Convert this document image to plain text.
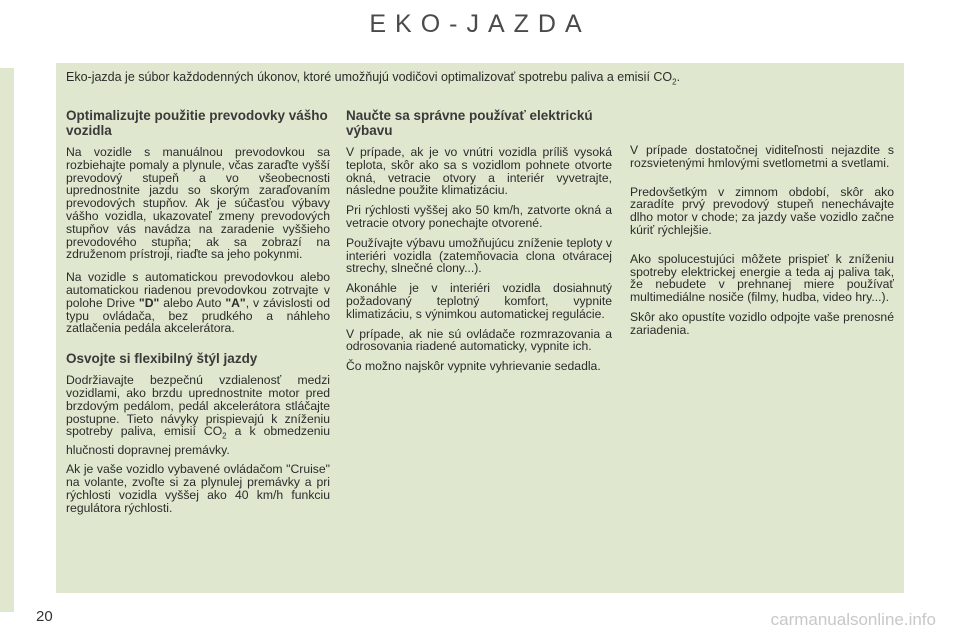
EKO-JAZDA
Eko-jazda je súbor každodenných úkonov, ktoré umožňujú vodičovi optimalizovať spotrebu paliva a emisií $CO_2$.
Optimalizujte použitie prevodovky vášho vozidla

Na vozidle s manuálnou prevodovkou sa rozbiehajte pomaly a plynule, včas zaraďte vyšší prevodový stupeň a vo všeobecnosti uprednostnite jazdu so skorým zaraďovaním prevodových stupňov. Ak je súčasťou výbavy vášho vozidla, ukazovateľ zmeny prevodových stupňov vás navádza na zaradenie vyššieho prevodového stupňa; ak sa zobrazí na združenom prístroji, riaďte sa jeho pokynmi.

Na vozidle s automatickou prevodovkou alebo automatickou riadenou prevodovkou zotrvajte v polohe Drive "D" alebo Auto "A", v závislosti od typu ovládača, bez prudkého a náhleho zatlačenia pedála akcelerátora.

Osvojte si flexibilný štýl jazdy

Dodržiavajte bezpečnú vzdialenosť medzi vozidlami, ako brzdu uprednostnite motor pred brzdovým pedálom, pedál akcelerátora stláčajte postupne. Tieto návyky prispievajú k zníženiu spotreby paliva, emisií $CO_2$ a k obmedzeniu hlučnosti dopravnej premávky.

Ak je vaše vozidlo vybavené ovládačom "Cruise" na volante, zvoľte si za plynulej premávky a pri rýchlosti vozidla vyššej ako 40 km/h funkciu regulátora rýchlosti.

Naučte sa správne používať elektrickú výbavu

V prípade, ak je vo vnútri vozidla príliš vysoká teplota, skôr ako sa s vozidlom pohnete otvorte okná, vetracie otvory a interiér vyvetrajte, následne použite klimatizáciu.

Pri rýchlosti vyššej ako 50 km/h, zatvorte okná a vetracie otvory ponechajte otvorené.

Používajte výbavu umožňujúcu zníženie teploty v interiéri vozidla (zatemňovacia clona otváracej strechy, slnečné clony...).

Akonáhle je v interiéri vozidla dosiahnutý požadovaný teplotný komfort, vypnite klimatizáciu, s výnimkou automatickej regulácie.

V prípade, ak nie sú ovládače rozmrazovania a odrosovania riadené automaticky, vypnite ich.

Čo možno najskôr vypnite vyhrievanie sedadla.

V prípade dostatočnej viditeľnosti nejazdite s rozsvietenými hmlovými svetlometmi a svetlami.

Predovšetkým v zimnom období, skôr ako zaradíte prvý prevodový stupeň nenechávajte dlho motor v chode; za jazdy vaše vozidlo začne kúriť rýchlejšie.

Ako spolucestujúci môžete prispieť k zníženiu spotreby elektrickej energie a teda aj paliva tak, že nebudete v prehnanej miere používať multimediálne nosiče (filmy, hudba, video hry...).

Skôr ako opustíte vozidlo odpojte vaše prenosné zariadenia.

20	carmanualsonline.info
